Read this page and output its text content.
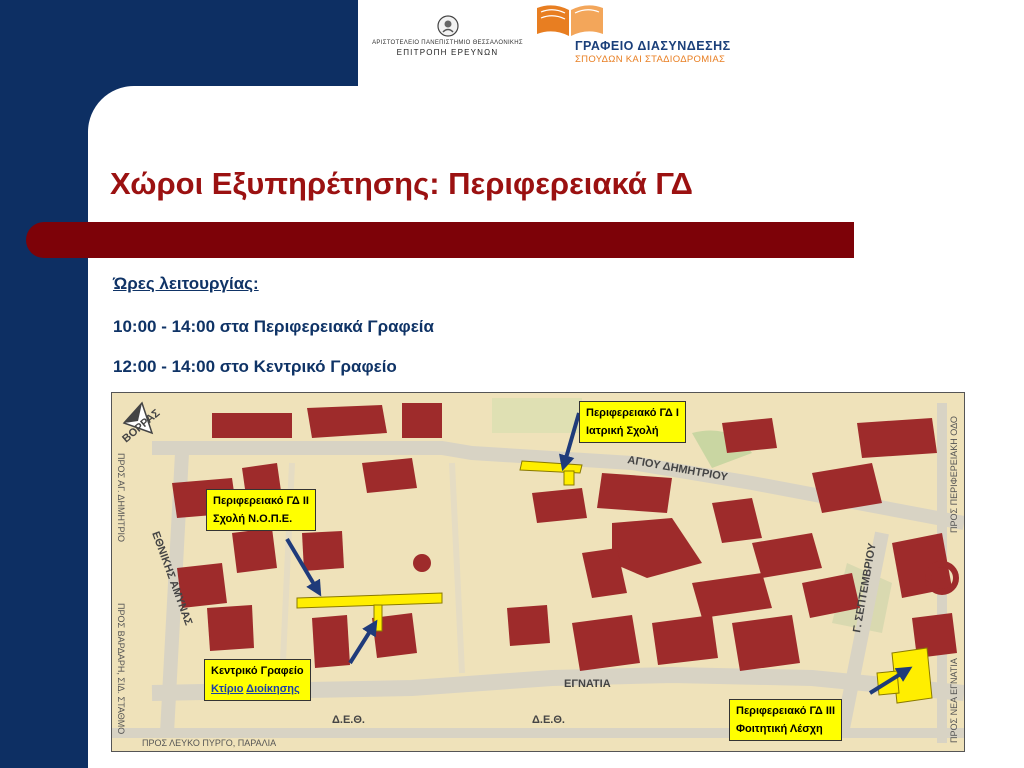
ΑΡΙΣΤΟΤΕΛΕΙΟ ΠΑΝΕΠΙΣΤΗΜΙΟ ΘΕΣΣΑΛΟΝΙΚΗΣ
ΕΠΙΤΡΟΠΗ ΕΡΕΥΝΩΝ	ΓΡΑΦΕΙΟ ΔΙΑΣΥΝΔΕΣΗΣ
ΣΠΟΥΔΩΝ ΚΑΙ ΣΤΑΔΙΟΔΡΟΜΙΑΣ
Χώροι Εξυπηρέτησης: Περιφερειακά ΓΔ
Ώρες λειτουργίας:
10:00 - 14:00 στα Περιφερειακά Γραφεία
12:00 - 14:00 στο Κεντρικό Γραφείο
ΒΟΡΡΑΣ
ΑΓΙΟΥ ΔΗΜΗΤΡΙΟΥ
ΕΘΝΙΚΗΣ ΑΜΥΝΑΣ
ΕΓΝΑΤΙΑ
Γ. ΣΕΠΤΕΜΒΡΙΟΥ
Δ.Ε.Θ.	Δ.Ε.Θ.
ΠΡΟΣ ΑΓ. ΔΗΜΗΤΡΙΟ
ΠΡΟΣ ΒΑΡΔΑΡΗ, ΣΙΔ. ΣΤΑΘΜΟ
ΠΡΟΣ ΛΕΥΚΟ ΠΥΡΓΟ, ΠΑΡΑΛΙΑ
ΠΡΟΣ ΠΕΡΙΦΕΡΕΙΑΚΗ ΟΔΟ
ΠΡΟΣ ΝΕΑ ΕΓΝΑΤΙΑ
Περιφερειακό ΓΔ Ι
Ιατρική Σχολή
Περιφερειακό ΓΔ ΙΙ
Σχολή Ν.Ο.Π.Ε.
Κεντρικό Γραφείο
Κτίριο Διοίκησης
Περιφερειακό ΓΔ ΙΙΙ
Φοιτητική Λέσχη
